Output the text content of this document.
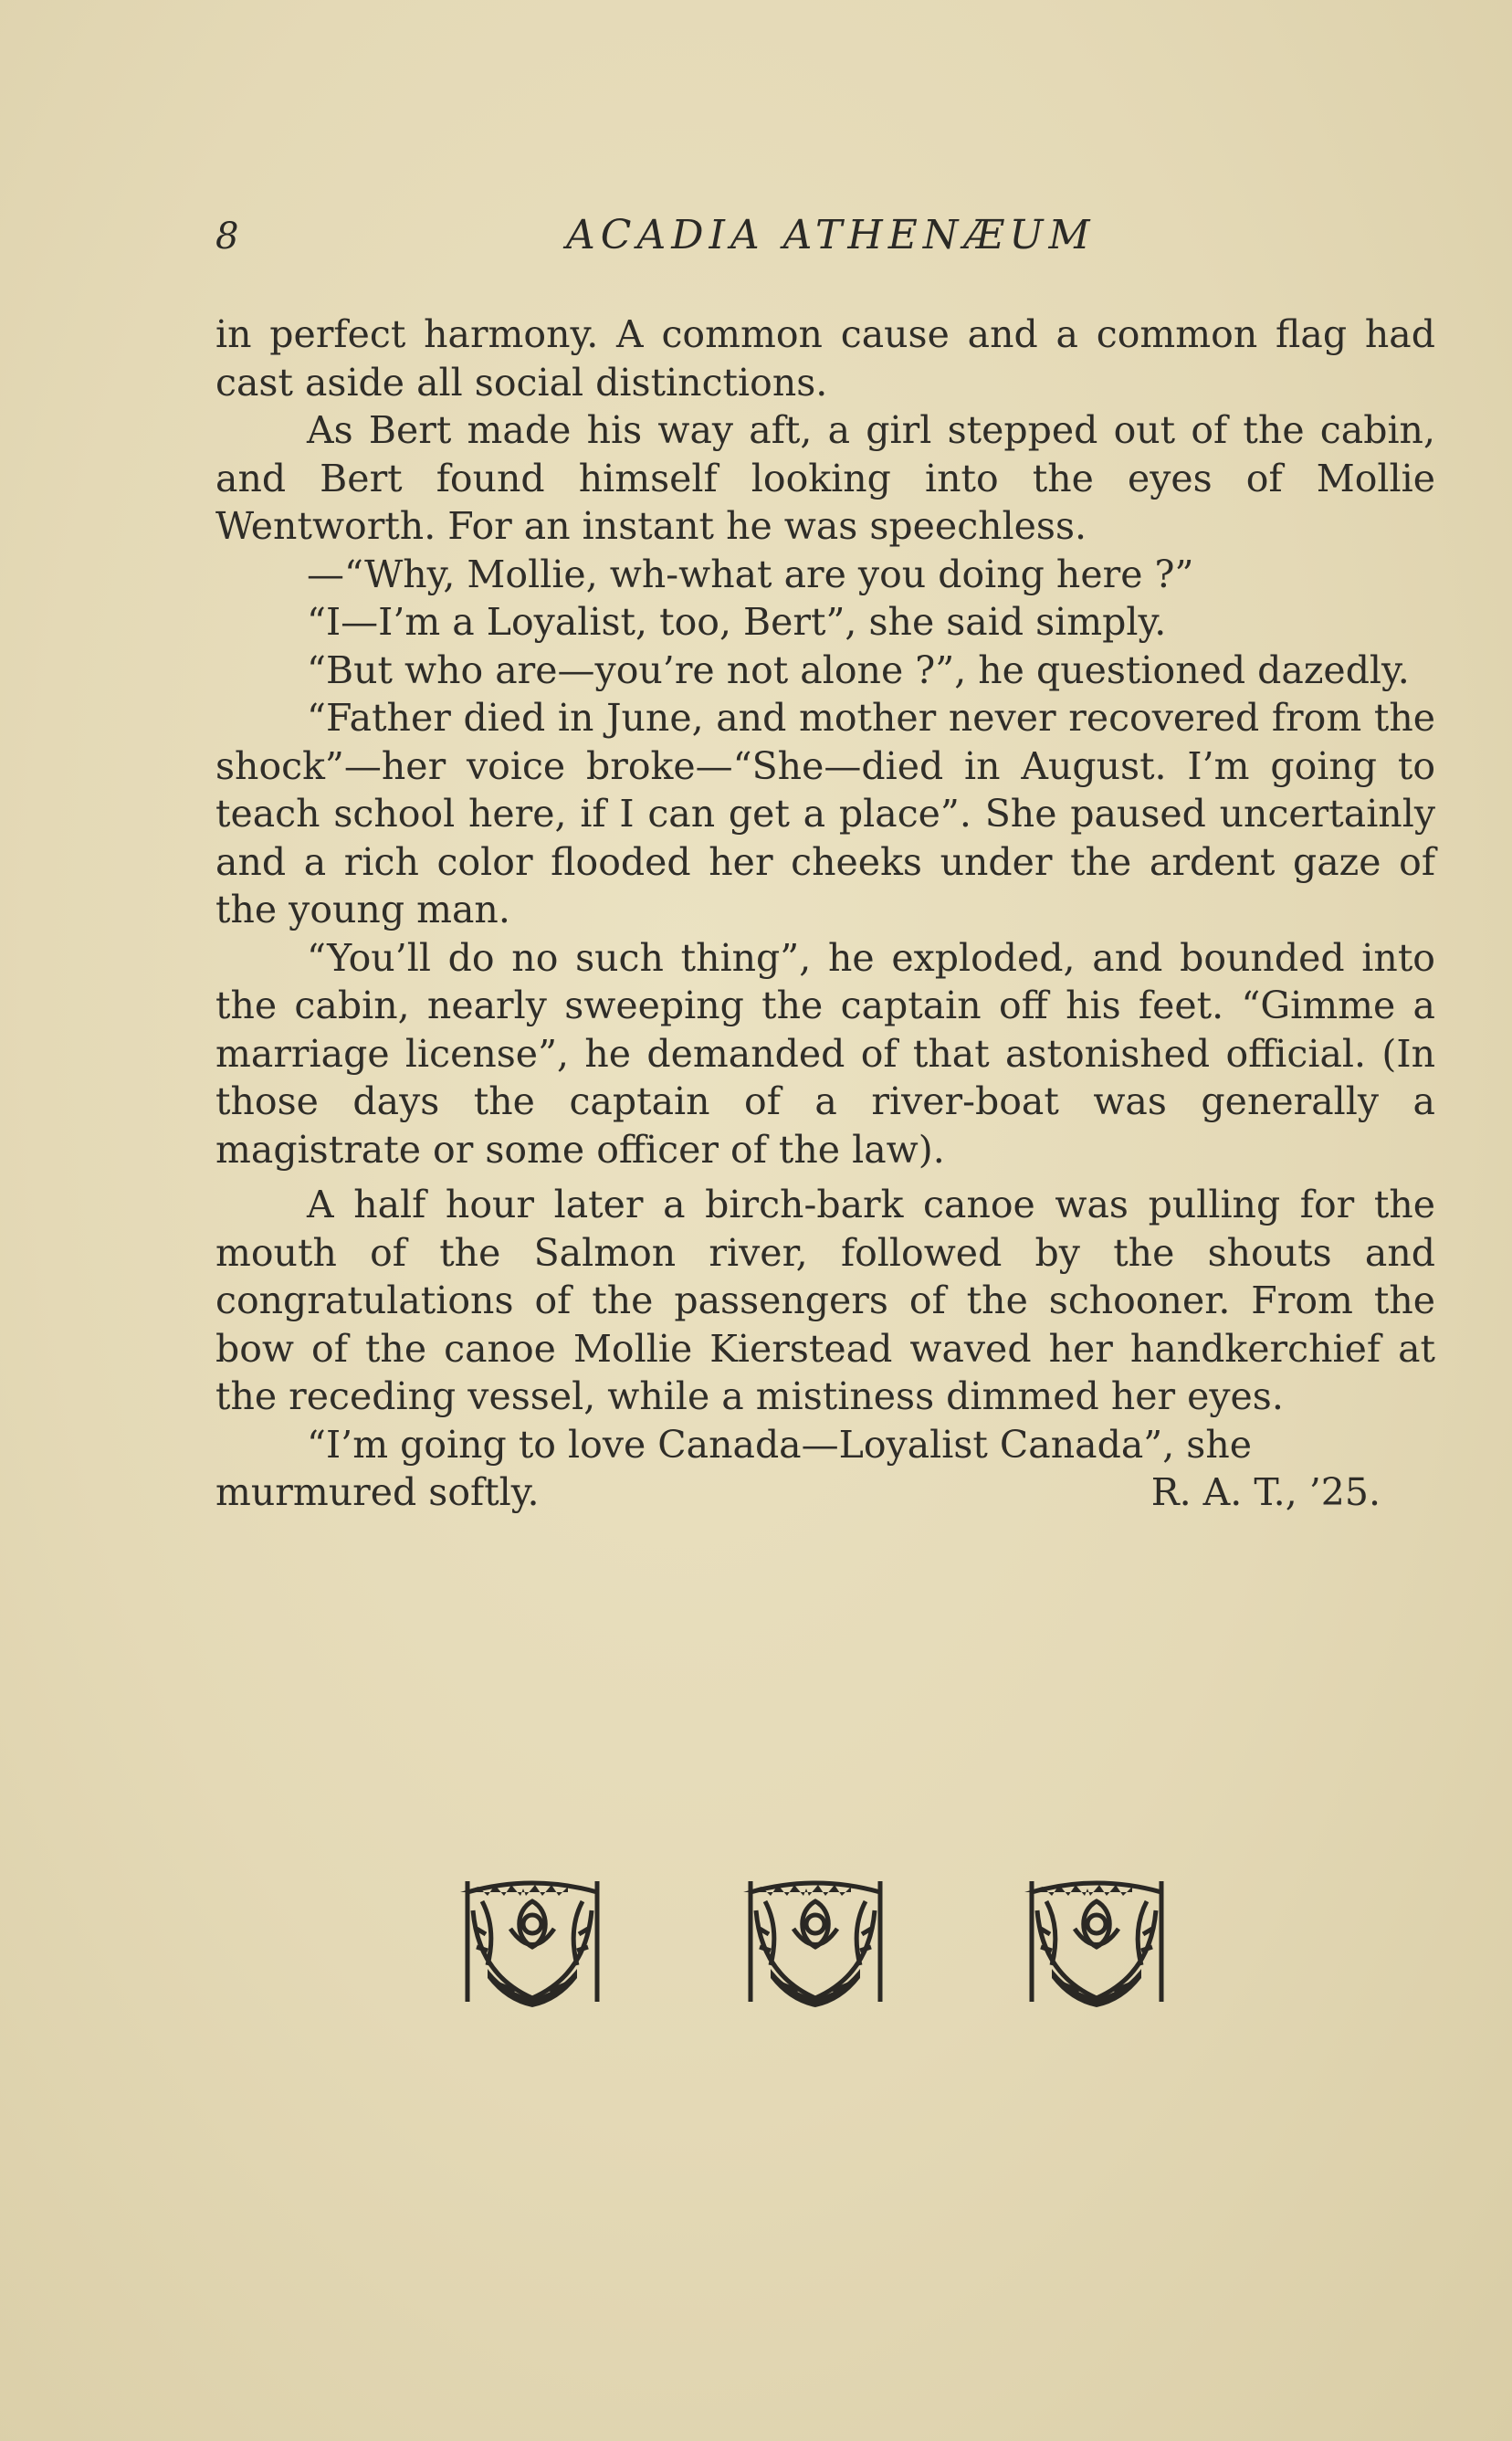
8	ACADIA ATHENÆUM

in perfect harmony. A common cause and a common flag had cast aside all social distinctions.

As Bert made his way aft, a girl stepped out of the cabin, and Bert found himself looking into the eyes of Mollie Wentworth. For an instant he was speechless.

—“Why, Mollie, wh-what are you doing here ?”

“I—I’m a Loyalist, too, Bert”, she said simply.

“But who are—you’re not alone ?”, he questioned dazedly.

“Father died in June, and mother never recovered from the shock”—her voice broke—“She—died in August. I’m going to teach school here, if I can get a place”. She paused uncertainly and a rich color flooded her cheeks under the ardent gaze of the young man.

“You’ll do no such thing”, he exploded, and bounded into the cabin, nearly sweeping the captain off his feet. “Gimme a marriage license”, he demanded of that astonished official. (In those days the captain of a river-boat was generally a magistrate or some officer of the law).

A half hour later a birch-bark canoe was pulling for the mouth of the Salmon river, followed by the shouts and congratulations of the passengers of the schooner. From the bow of the canoe Mollie Kierstead waved her handkerchief at the receding vessel, while a mistiness dimmed her eyes.

“I’m going to love Canada—Loyalist Canada”, she

murmured softly.	R. A. T., ’25.
